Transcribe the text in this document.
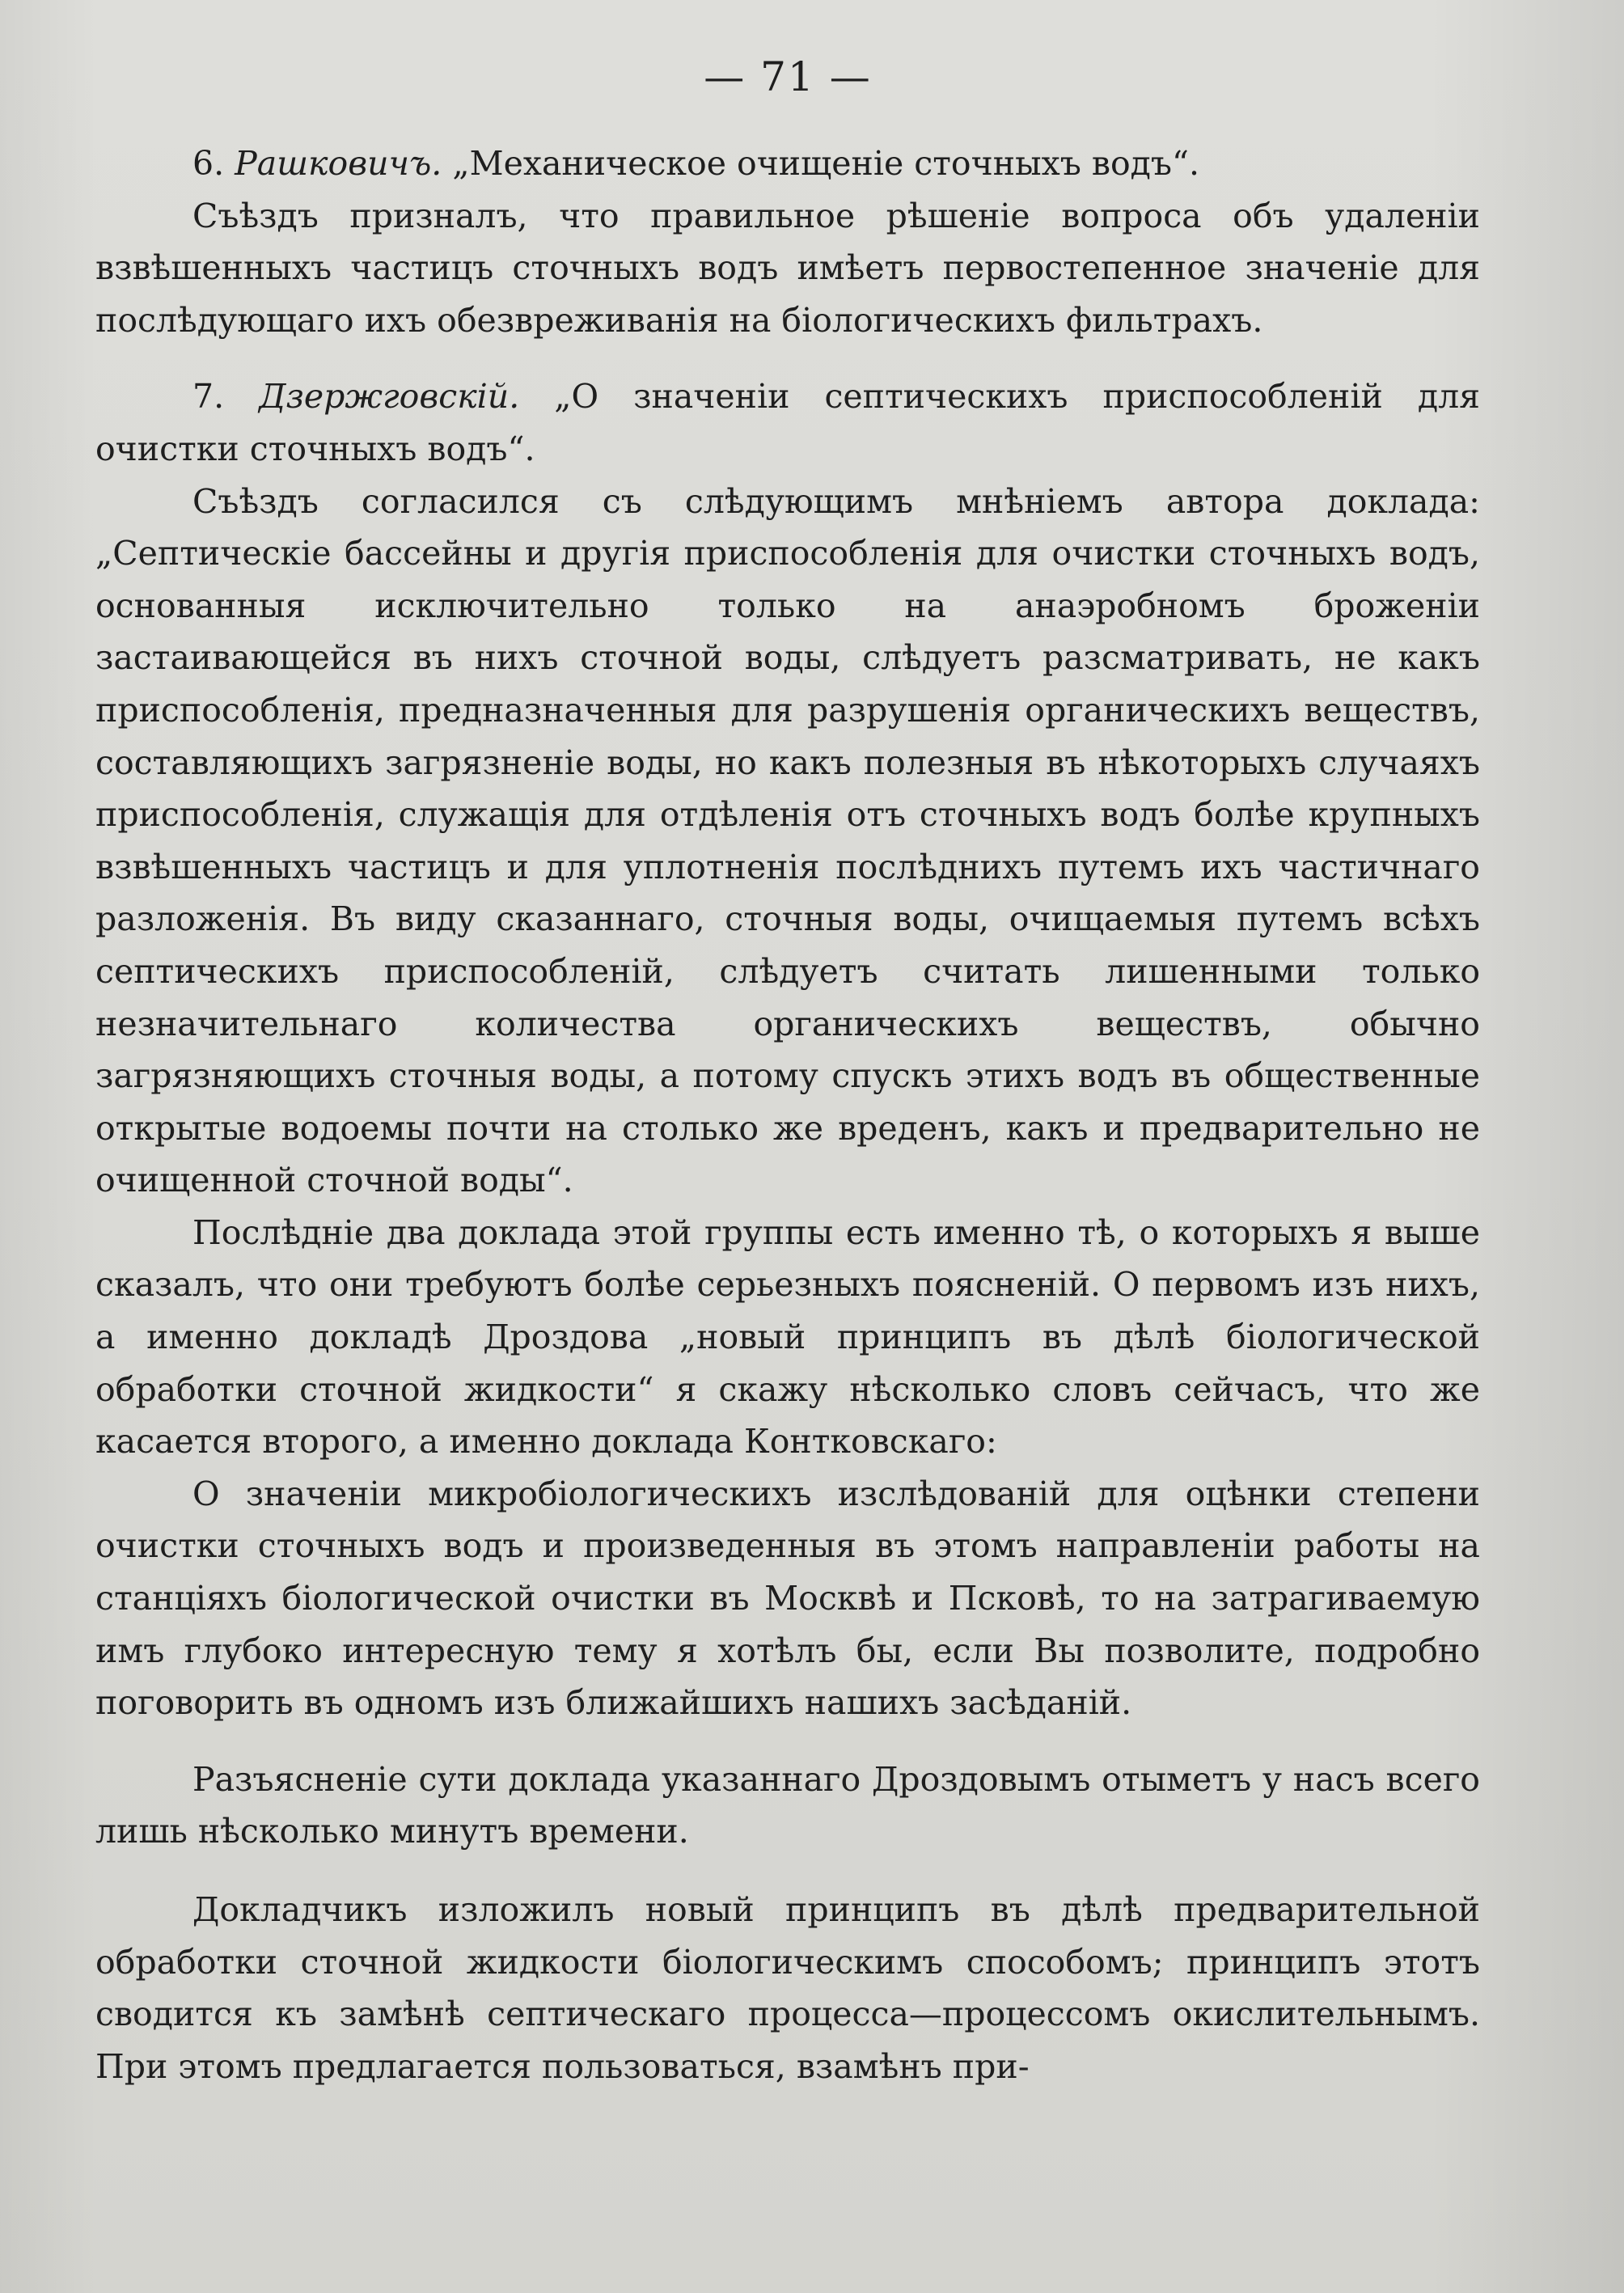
— 71 —

6. Рашковичъ. „Механическое очищенiе сточныхъ водъ“.

Съѣздъ призналъ, что правильное рѣшенiе вопроса объ удаленiи взвѣшенныхъ частицъ сточныхъ водъ имѣетъ первостепенное значенiе для послѣдующаго ихъ обезвреживанiя на бiологическихъ фильтрахъ.

7. Дзержговскiй. „О значенiи септическихъ приспособленiй для очистки сточныхъ водъ“.

Съѣздъ согласился съ слѣдующимъ мнѣнiемъ автора доклада: „Септическiе бассейны и другiя приспособленiя для очистки сточныхъ водъ, основанныя исключительно только на анаэробномъ броженiи застаивающейся въ нихъ сточной воды, слѣдуетъ разсматривать, не какъ приспособленiя, предназначенныя для разрушенiя органическихъ веществъ, составляющихъ загрязненiе воды, но какъ полезныя въ нѣкоторыхъ случаяхъ приспособленiя, служащiя для отдѣленiя отъ сточныхъ водъ болѣе крупныхъ взвѣшенныхъ частицъ и для уплотненiя послѣднихъ путемъ ихъ частичнаго разложенiя. Въ виду сказаннаго, сточныя воды, очищаемыя путемъ всѣхъ септическихъ приспособленiй, слѣдуетъ считать лишенными только незначительнаго количества органическихъ веществъ, обычно загрязняющихъ сточныя воды, а потому спускъ этихъ водъ въ общественные открытые водоемы почти на столько же вреденъ, какъ и предварительно не очищенной сточной воды“.

Послѣднiе два доклада этой группы есть именно тѣ, о которыхъ я выше сказалъ, что они требуютъ болѣе серьезныхъ поясненiй. О первомъ изъ нихъ, а именно докладѣ Дроздова „новый принципъ въ дѣлѣ бiологической обработки сточной жидкости“ я скажу нѣсколько словъ сейчасъ, что же касается второго, а именно доклада Контковскаго:

О значенiи микробiологическихъ изслѣдованiй для оцѣнки степени очистки сточныхъ водъ и произведенныя въ этомъ направленiи работы на станцiяхъ бiологической очистки въ Москвѣ и Псковѣ, то на затрагиваемую имъ глубоко интересную тему я хотѣлъ бы, если Вы позволите, подробно поговорить въ одномъ изъ ближайшихъ нашихъ засѣданiй.

Разъясненiе сути доклада указаннаго Дроздовымъ отыметъ у насъ всего лишь нѣсколько минутъ времени.

Докладчикъ изложилъ новый принципъ въ дѣлѣ предварительной обработки сточной жидкости бiологическимъ способомъ; принципъ этотъ сводится къ замѣнѣ септическаго процесса—процессомъ окислительнымъ. При этомъ предлагается пользоваться, взамѣнъ при-
